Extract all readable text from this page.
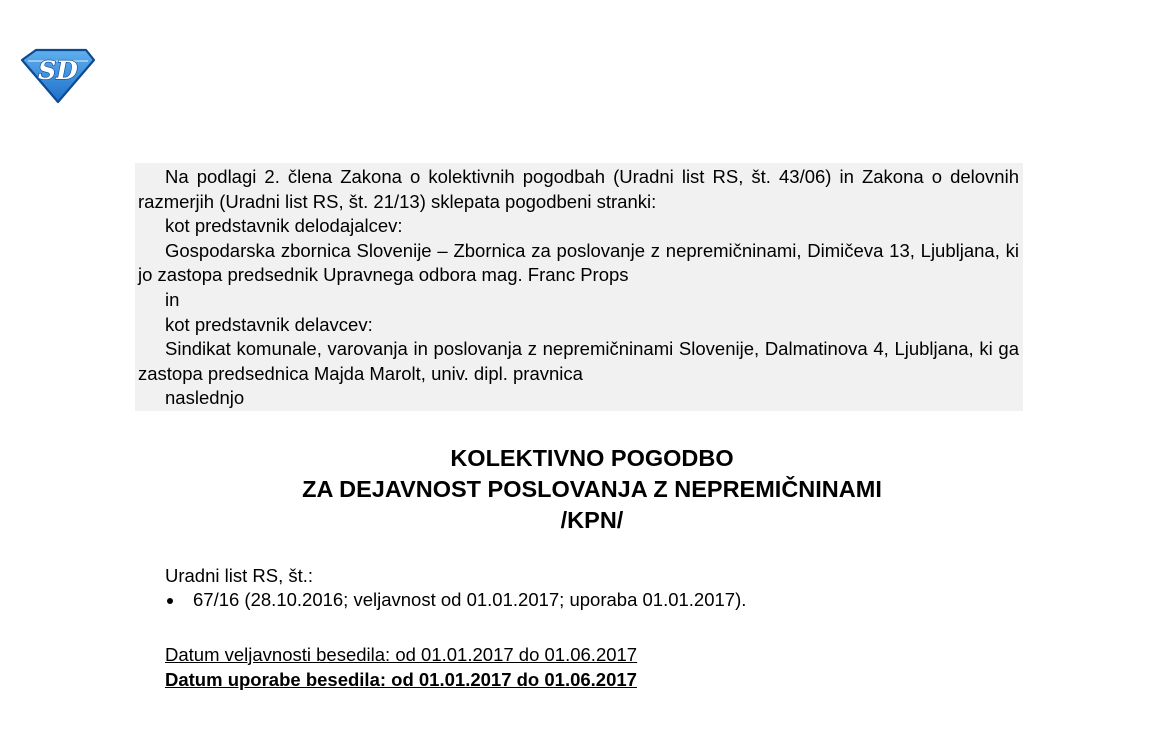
SD

Na podlagi 2. člena Zakona o kolektivnih pogodbah (Uradni list RS, št. 43/06) in Zakona o delovnih razmerjih (Uradni list RS, št. 21/13) sklepata pogodbeni stranki:

kot predstavnik delodajalcev:

Gospodarska zbornica Slovenije – Zbornica za poslovanje z nepremičninami, Dimičeva 13, Ljubljana, ki jo zastopa predsednik Upravnega odbora mag. Franc Props

in

kot predstavnik delavcev:

Sindikat komunale, varovanja in poslovanja z nepremičninami Slovenije, Dalmatinova 4, Ljubljana, ki ga zastopa predsednica Majda Marolt, univ. dipl. pravnica

naslednjo

KOLEKTIVNO POGODBO
ZA DEJAVNOST POSLOVANJA Z NEPREMIČNINAMI
/KPN/
Uradni list RS, št.:
67/16 (28.10.2016; veljavnost od 01.01.2017; uporaba 01.01.2017).
Datum veljavnosti besedila: od 01.01.2017 do 01.06.2017
Datum uporabe besedila: od 01.01.2017 do 01.06.2017
